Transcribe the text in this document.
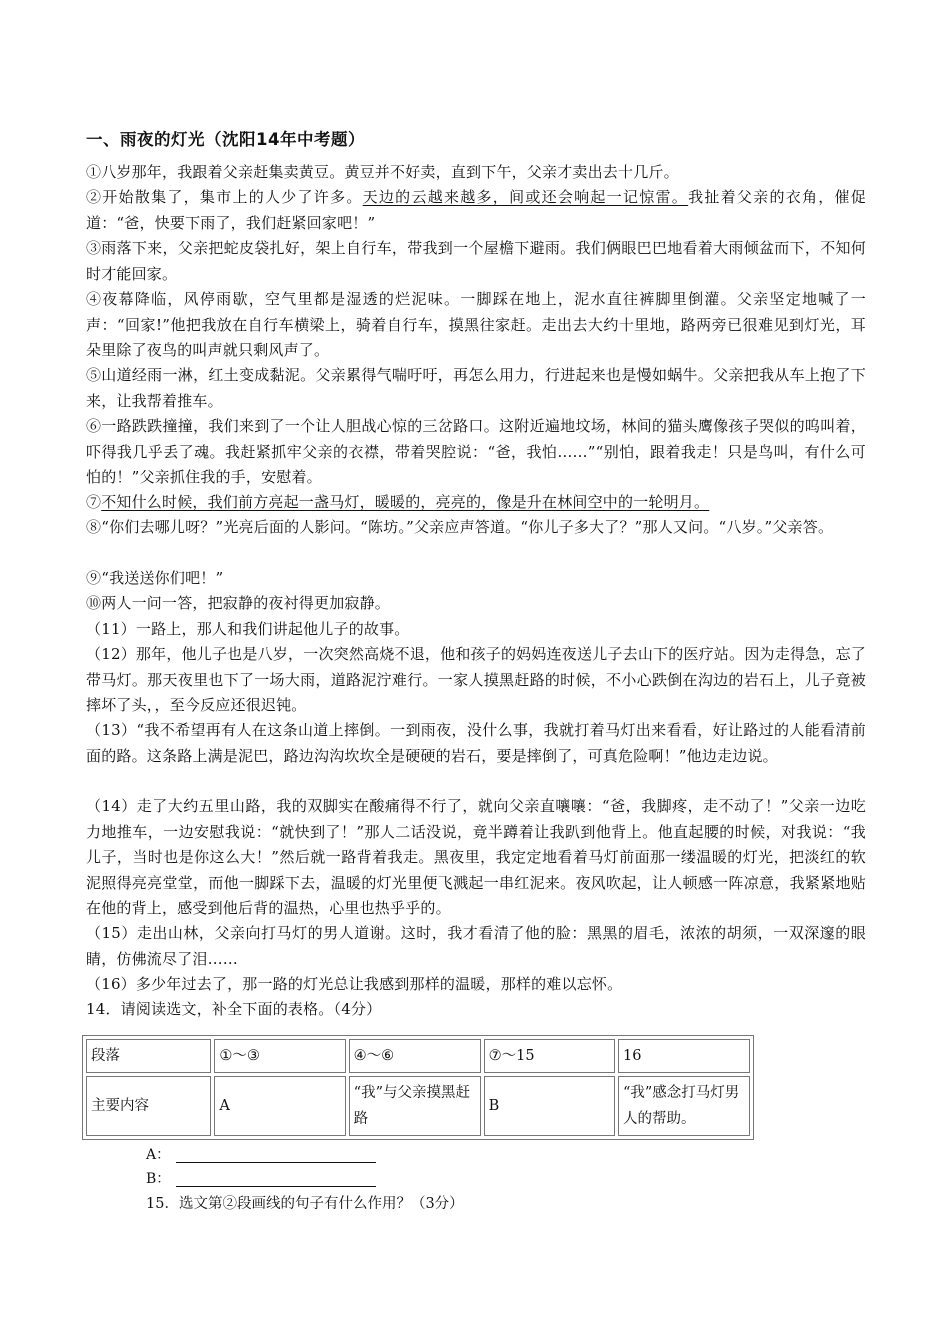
一、雨夜的灯光（沈阳14年中考题）
①八岁那年，我跟着父亲赶集卖黄豆。黄豆并不好卖，直到下午，父亲才卖出去十几斤。
②开始散集了，集市上的人少了许多。天边的云越来越多，间或还会响起一记惊雷。我扯着父亲的衣角，催促道：“爸，快要下雨了，我们赶紧回家吧！”
③雨落下来，父亲把蛇皮袋扎好，架上自行车，带我到一个屋檐下避雨。我们俩眼巴巴地看着大雨倾盆而下，不知何时才能回家。
④夜幕降临，风停雨歇，空气里都是湿透的烂泥味。一脚踩在地上，泥水直往裤脚里倒灌。父亲坚定地喊了一声：“回家!”他把我放在自行车横梁上，骑着自行车，摸黑往家赶。走出去大约十里地，路两旁已很难见到灯光，耳朵里除了夜鸟的叫声就只剩风声了。
⑤山道经雨一淋，红土变成黏泥。父亲累得气喘吁吁，再怎么用力，行进起来也是慢如蜗牛。父亲把我从车上抱了下来，让我帮着推车。
⑥一路跌跌撞撞，我们来到了一个让人胆战心惊的三岔路口。这附近遍地坟场，林间的猫头鹰像孩子哭似的呜叫着，吓得我几乎丢了魂。我赶紧抓牢父亲的衣襟，带着哭腔说：“爸，我怕……”“别怕，跟着我走！只是鸟叫，有什么可怕的！”父亲抓住我的手，安慰着。
⑦不知什么时候，我们前方亮起一盏马灯，暖暖的，亮亮的，像是升在林间空中的一轮明月。
⑧“你们去哪儿呀？”光亮后面的人影问。“陈坊。”父亲应声答道。“你儿子多大了？”那人又问。“八岁。”父亲答。
⑨“我送送你们吧！”
⑩两人一问一答，把寂静的夜衬得更加寂静。
（11）一路上，那人和我们讲起他儿子的故事。
（12）那年，他儿子也是八岁，一次突然高烧不退，他和孩子的妈妈连夜送儿子去山下的医疗站。因为走得急，忘了带马灯。那天夜里也下了一场大雨，道路泥泞难行。一家人摸黑赶路的时候，不小心跌倒在沟边的岩石上，儿子竟被摔坏了头，，至今反应还很迟钝。
（13）“我不希望再有人在这条山道上摔倒。一到雨夜，没什么事，我就打着马灯出来看看，好让路过的人能看清前面的路。这条路上满是泥巴，路边沟沟坎坎全是硬硬的岩石，要是摔倒了，可真危险啊！”他边走边说。
（14）走了大约五里山路，我的双脚实在酸痛得不行了，就向父亲直嚷嚷：“爸，我脚疼，走不动了！”父亲一边吃力地推车，一边安慰我说：“就快到了！”那人二话没说，竟半蹲着让我趴到他背上。他直起腰的时候，对我说：“我儿子，当时也是你这么大！”然后就一路背着我走。黑夜里，我定定地看着马灯前面那一缕温暖的灯光，把淡红的软泥照得亮亮堂堂，而他一脚踩下去，温暖的灯光里便飞溅起一串红泥来。夜风吹起，让人顿感一阵凉意，我紧紧地贴在他的背上，感受到他后背的温热，心里也热乎乎的。
（15）走出山林，父亲向打马灯的男人道谢。这时，我才看清了他的脸：黑黑的眉毛，浓浓的胡须，一双深邃的眼睛，仿佛流尽了泪……
（16）多少年过去了，那一路的灯光总让我感到那样的温暖，那样的难以忘怀。
14．请阅读选文，补全下面的表格。（4分）
段落	①～③	④～⑥	⑦～15	16
主要内容	A	“我”与父亲摸黑赶路	B	“我”感念打马灯男人的帮助。
A：
B：
15．选文第②段画线的句子有什么作用？（3分）
